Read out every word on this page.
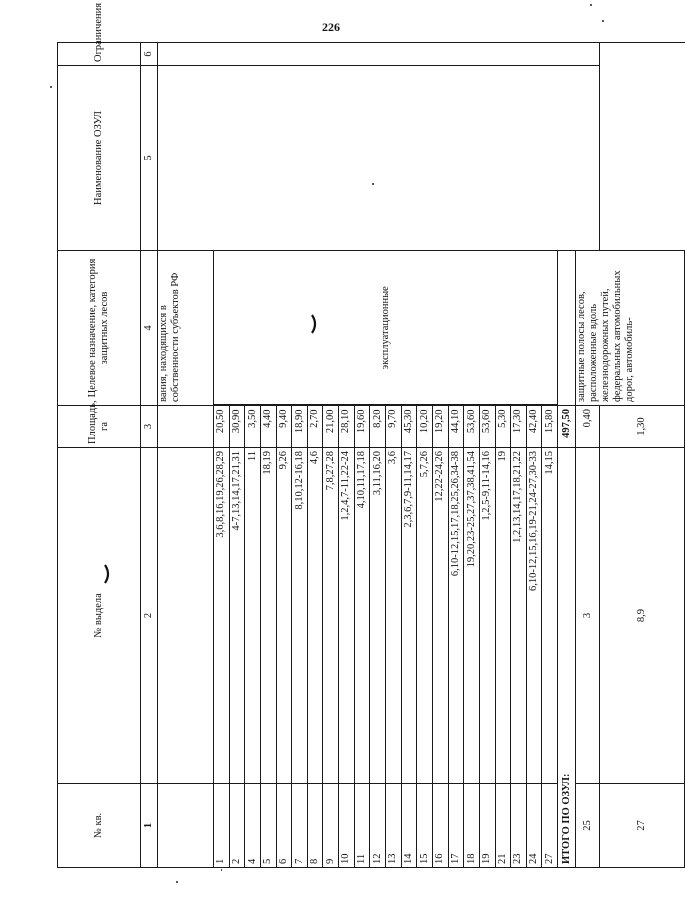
226
№ кв.	№ выдела	Площадь, га	Целевое назначение, категория защитных лесов	Наименование ОЗУЛ	Ограничения	
1	2	3	4	5	6	
			вания, находящихся в собственности субъектов РФ			
1	3,6,8,16,19,26,28,29	20,50	эксплуатационные			
2	4-7,13,14,17,21,31	30,90				
4	11	3,50				
5	18,19	4,40				
6	9,26	9,40				
7	8,10,12-16,18	18,90				
8	4,6	2,70				
9	7,8,27,28	21,00				
10	1,2,4,7-11,22-24	28,10				
11	4,10,11,17,18	19,60				
12	3,11,16,20	8,20				
13	3,6	9,70				
14	2,3,6,7,9-11,14,17	45,30				
15	5,7,26	10,20				
16	12,22-24,26	19,20				
17	6,10-12,15,17,18,25,26,34-38	44,10				
18	19,20,23-25,27,37,38,41,54	53,60				
19	1,2,5-9,11-14,16	53,60				
21	19	5,30				
23	1,2,13,14,17,18,21,22	17,30				
24	6,10-12,15,16,19-21,24-27,30-33	42,40				
27	14,15	15,80				
ИТОГО ПО ОЗУЛ:		497,50				
25	3	0,40	защитные полосы лесов, расположенные вдоль железнодорожных путей, федеральных автомобильных дорог, автомобиль-		
27	8,9	1,30				
